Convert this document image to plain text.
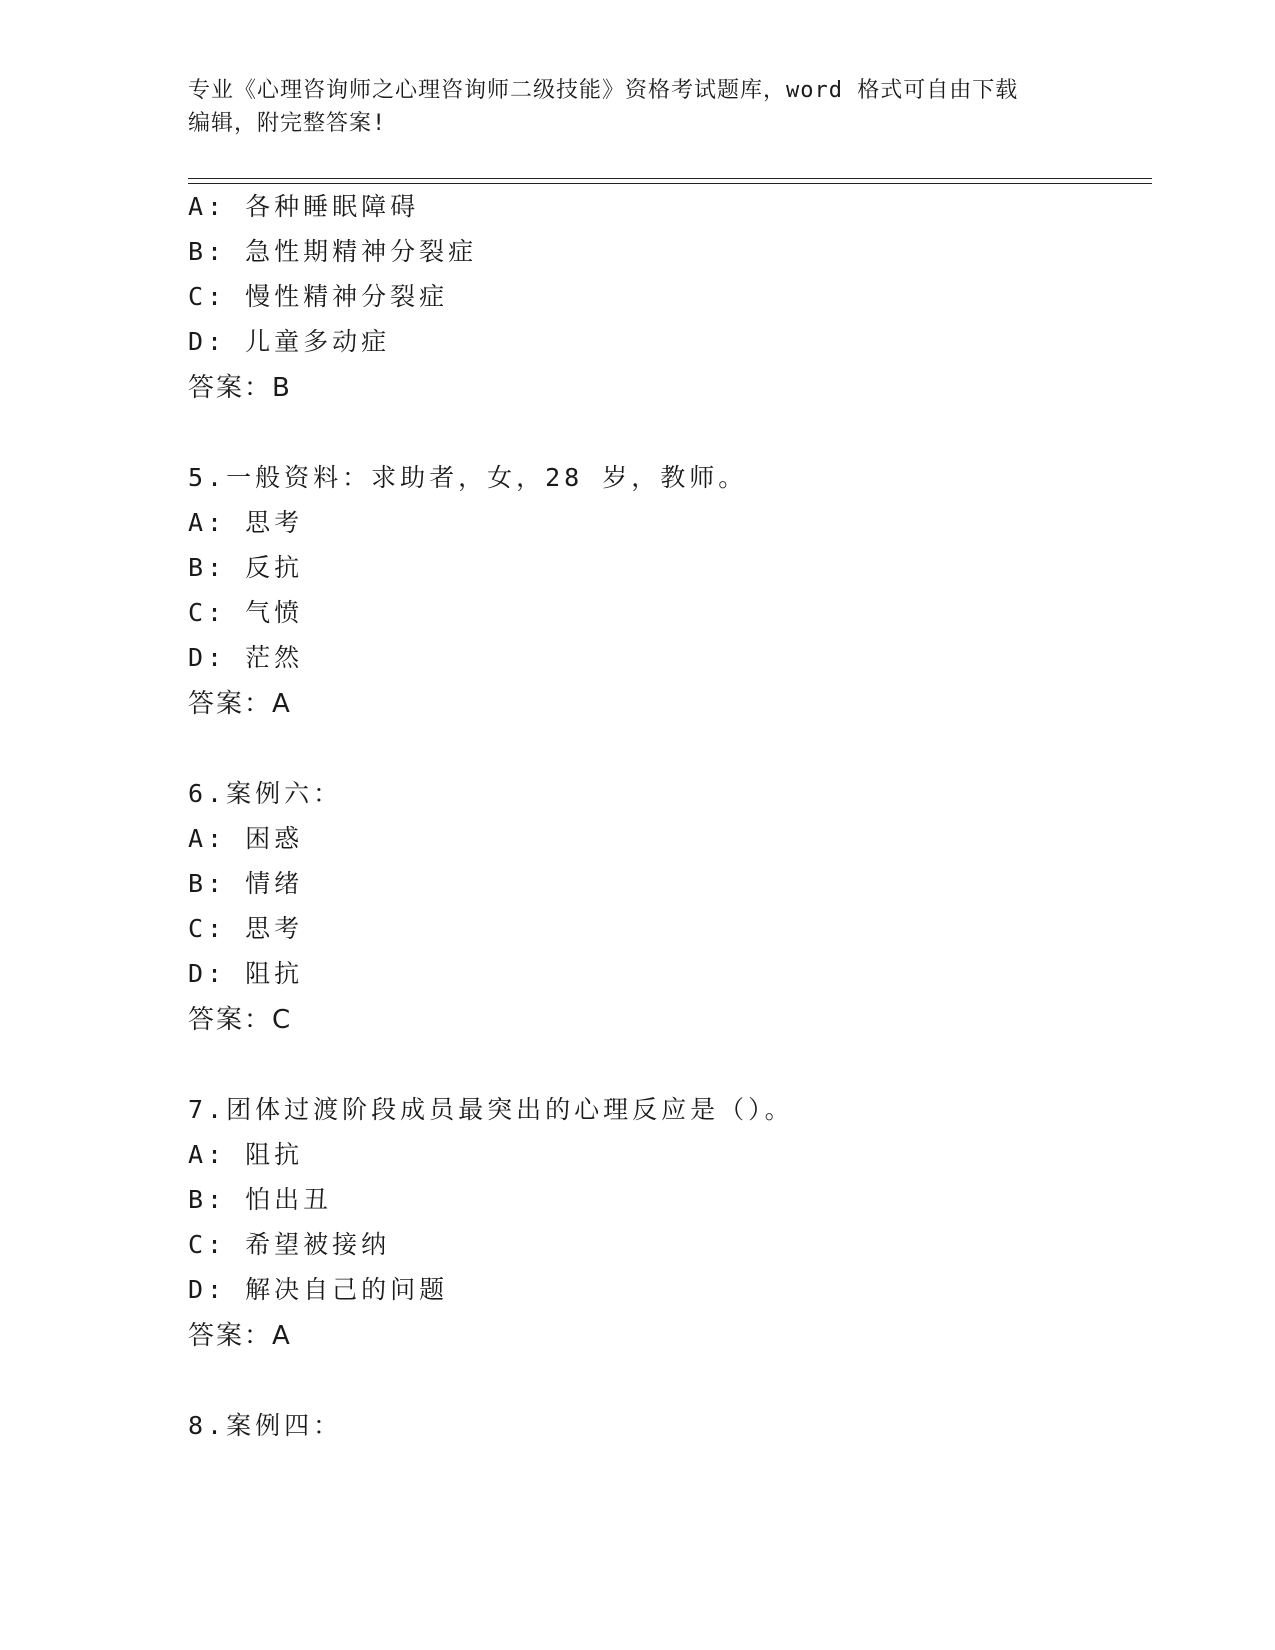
专业《心理咨询师之心理咨询师二级技能》资格考试题库，word 格式可自由下载
编辑，附完整答案!
A: 各种睡眠障碍
B: 急性期精神分裂症
C: 慢性精神分裂症
D: 儿童多动症
答案：B
5.一般资料：求助者，女，28 岁，教师。
A: 思考
B: 反抗
C: 气愤
D: 茫然
答案：A
6.案例六：
A: 困惑
B: 情绪
C: 思考
D: 阻抗
答案：C
7.团体过渡阶段成员最突出的心理反应是（）。
A: 阻抗
B: 怕出丑
C: 希望被接纳
D: 解决自己的问题
答案：A
8.案例四：
